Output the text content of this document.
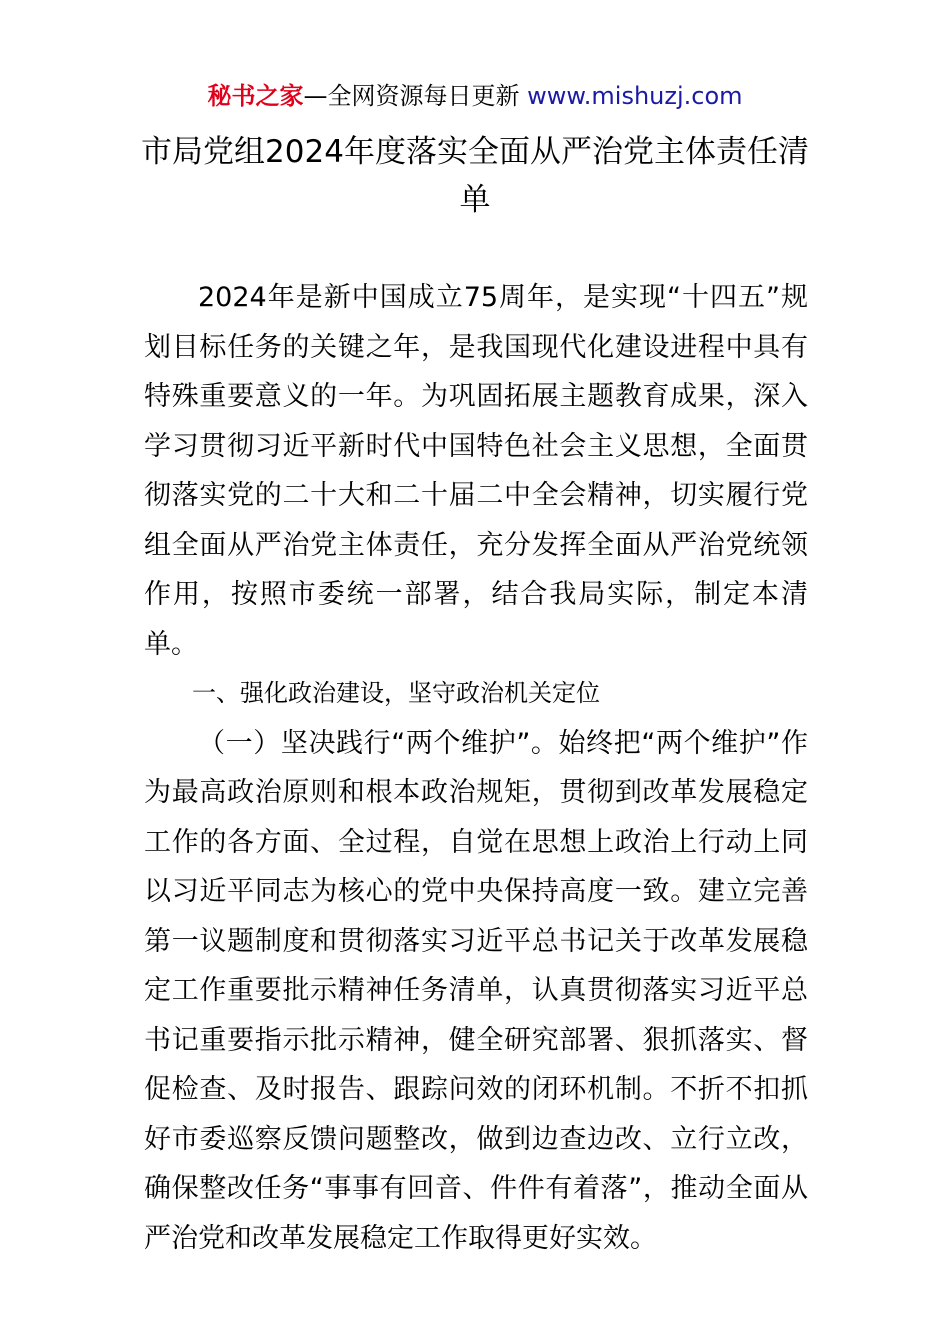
秘书之家—全网资源每日更新 www.mishuzj.com
市局党组2024年度落实全面从严治党主体责任清单

2024年是新中国成立75周年，是实现“十四五”规划目标任务的关键之年，是我国现代化建设进程中具有特殊重要意义的一年。为巩固拓展主题教育成果，深入学习贯彻习近平新时代中国特色社会主义思想，全面贯彻落实党的二十大和二十届二中全会精神，切实履行党组全面从严治党主体责任，充分发挥全面从严治党统领作用，按照市委统一部署，结合我局实际，制定本清单。

一、强化政治建设，坚守政治机关定位

（一）坚决践行“两个维护”。始终把“两个维护”作为最高政治原则和根本政治规矩，贯彻到改革发展稳定工作的各方面、全过程，自觉在思想上政治上行动上同以习近平同志为核心的党中央保持高度一致。建立完善第一议题制度和贯彻落实习近平总书记关于改革发展稳定工作重要批示精神任务清单，认真贯彻落实习近平总书记重要指示批示精神，健全研究部署、狠抓落实、督促检查、及时报告、跟踪问效的闭环机制。不折不扣抓好市委巡察反馈问题整改，做到边查边改、立行立改，确保整改任务“事事有回音、件件有着落”，推动全面从严治党和改革发展稳定工作取得更好实效。
